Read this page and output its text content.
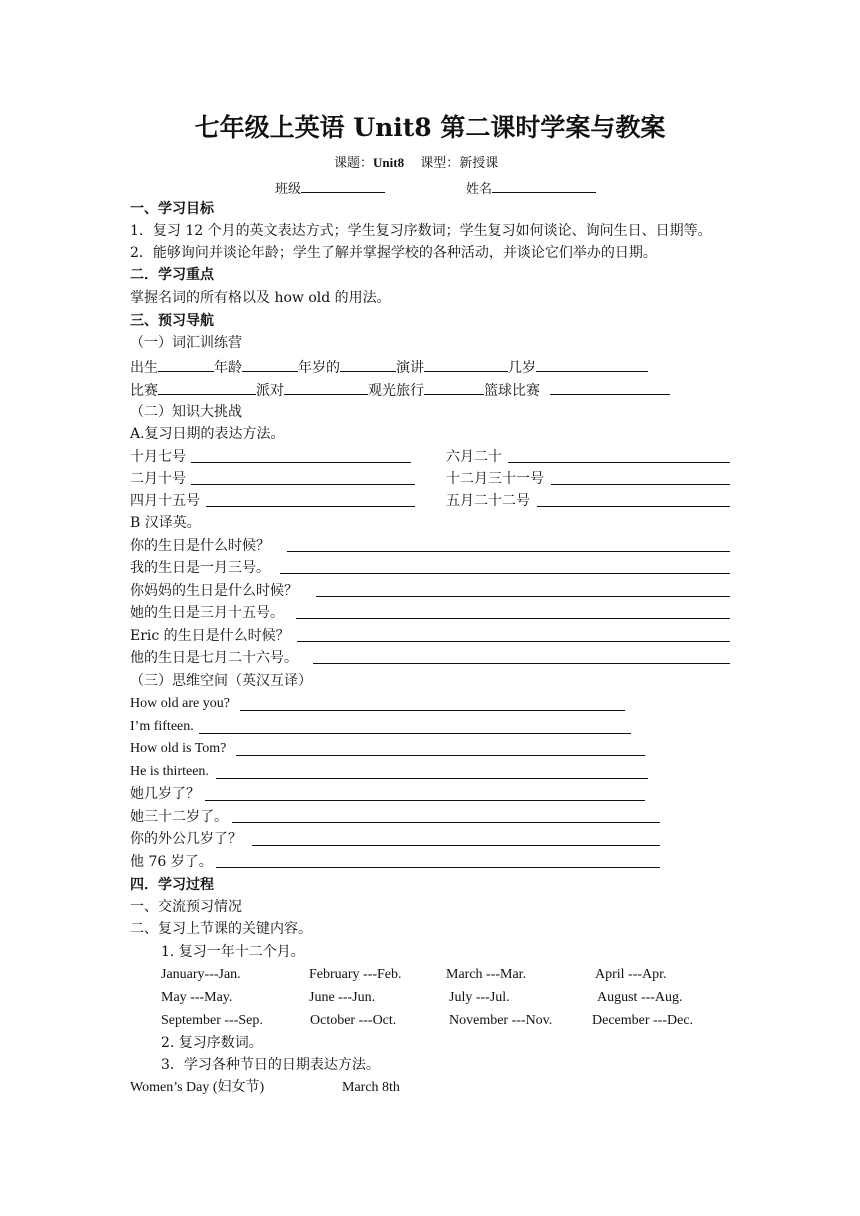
七年级上英语 Unit8 第二课时学案与教案
课题：Unit8 课型：新授课
班级	姓名
一、学习目标
1．复习 12 个月的英文表达方式；学生复习序数词；学生复习如何谈论、询问生日、日期等。
2．能够询问并谈论年龄；学生了解并掌握学校的各种活动，并谈论它们举办的日期。
二．学习重点
掌握名词的所有格以及 how old 的用法。
三、预习导航
（一）词汇训练营
出生	年龄	年岁的	演讲	几岁
比赛	派对	观光旅行	篮球比赛
（二）知识大挑战
A.复习日期的表达方法。
十月七号	六月二十
二月十号	十二月三十一号
四月十五号	五月二十二号
B 汉译英。
你的生日是什么时候？
我的生日是一月三号。
你妈妈的生日是什么时候？
她的生日是三月十五号。
Eric 的生日是什么时候？
他的生日是七月二十六号。
（三）思维空间（英汉互译）
How old are you?
I’m fifteen.
How old is Tom?
He is thirteen.
她几岁了？
她三十二岁了。
你的外公几岁了？
他 76 岁了。
四．学习过程
一、交流预习情况
二、复习上节课的关键内容。
1. 复习一年十二个月。
January---Jan.	February ---Feb.	March ---Mar.	April ---Apr.
May ---May.	June ---Jun.	July ---Jul.	August ---Aug.
September ---Sep.	October ---Oct.	November ---Nov.	December ---Dec.
2. 复习序数词。
3．学习各种节日的日期表达方法。
Women’s Day (妇女节)	March 8th
